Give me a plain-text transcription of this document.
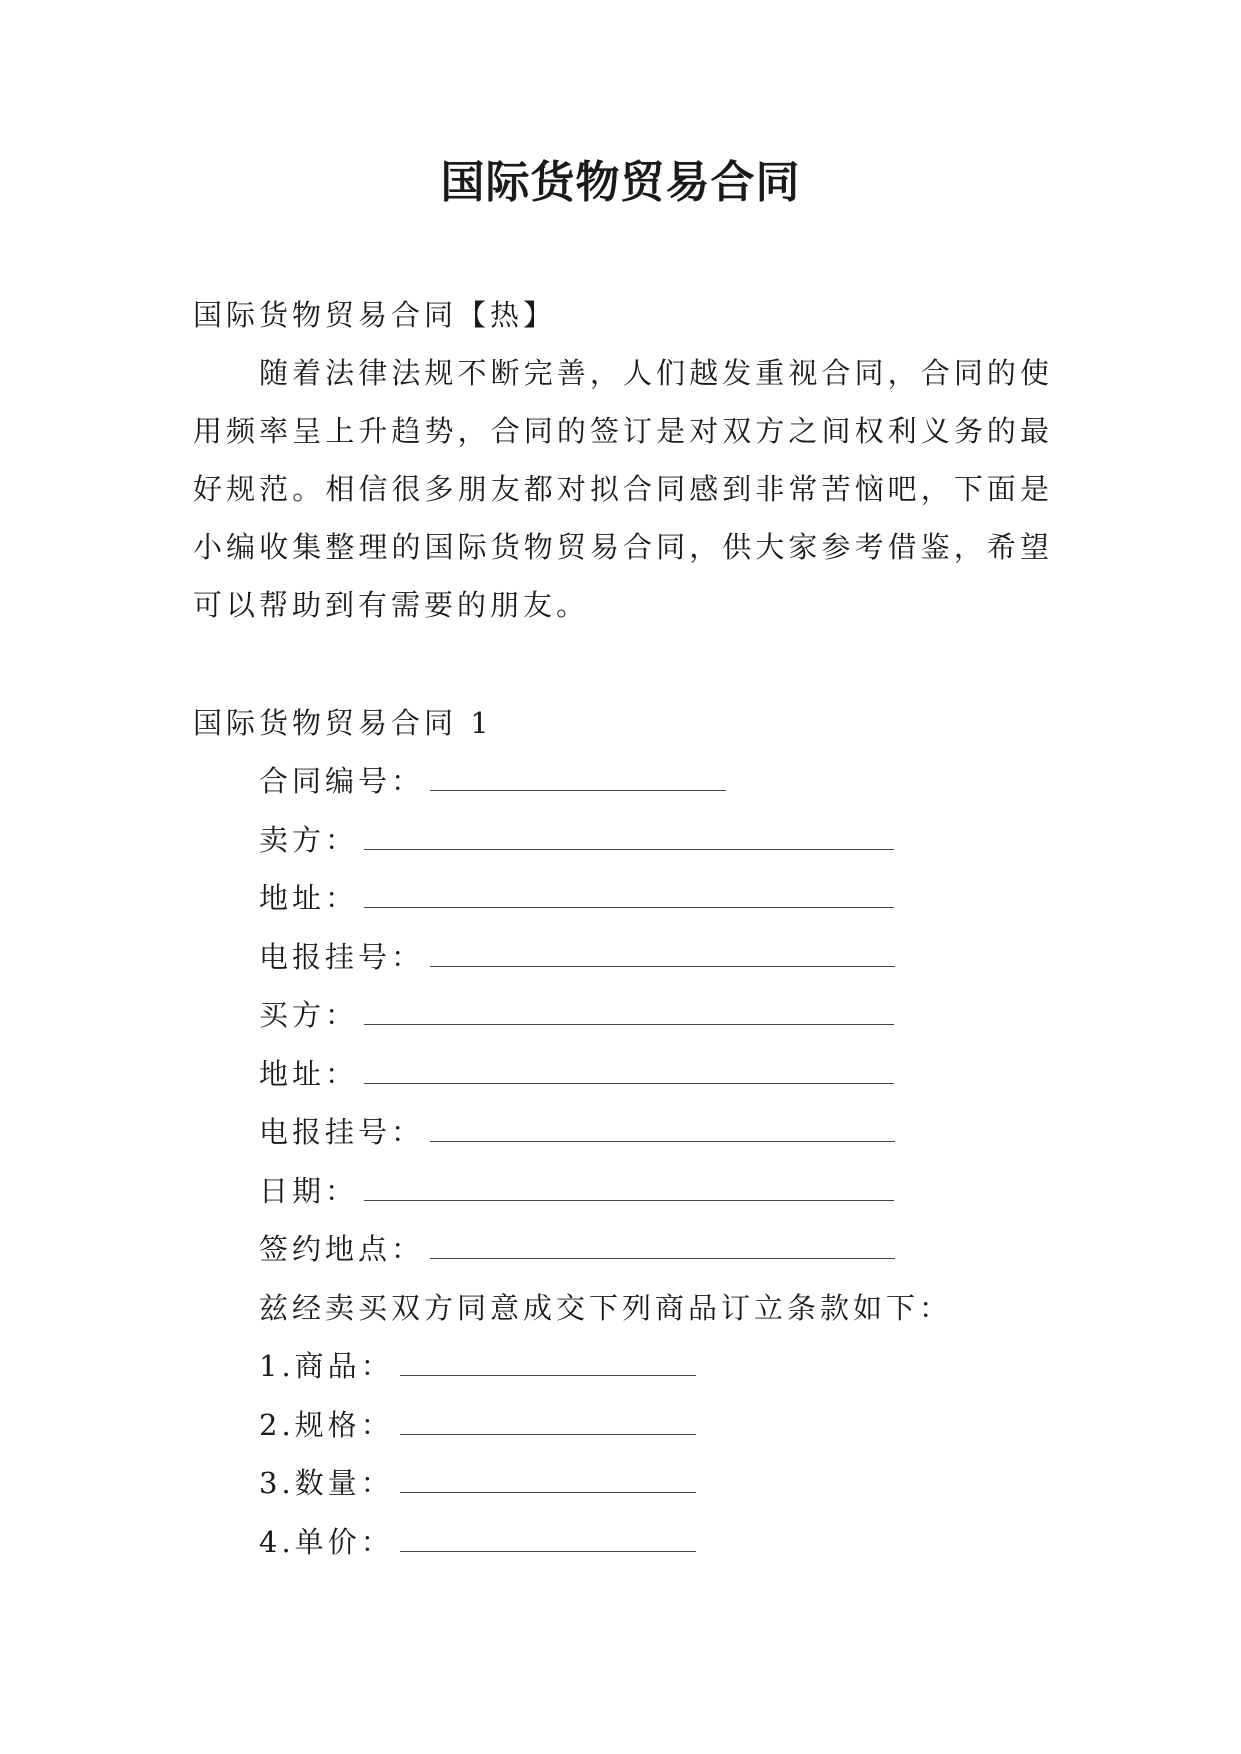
国际货物贸易合同
国际货物贸易合同【热】

随着法律法规不断完善，人们越发重视合同，合同的使用频率呈上升趋势，合同的签订是对双方之间权利义务的最好规范。相信很多朋友都对拟合同感到非常苦恼吧，下面是小编收集整理的国际货物贸易合同，供大家参考借鉴，希望可以帮助到有需要的朋友。

国际货物贸易合同 1
合同编号：
卖方：
地址：
电报挂号：
买方：
地址：
电报挂号：
日期：
签约地点：
兹经卖买双方同意成交下列商品订立条款如下：
1.商品：
2.规格：
3.数量：
4.单价：
